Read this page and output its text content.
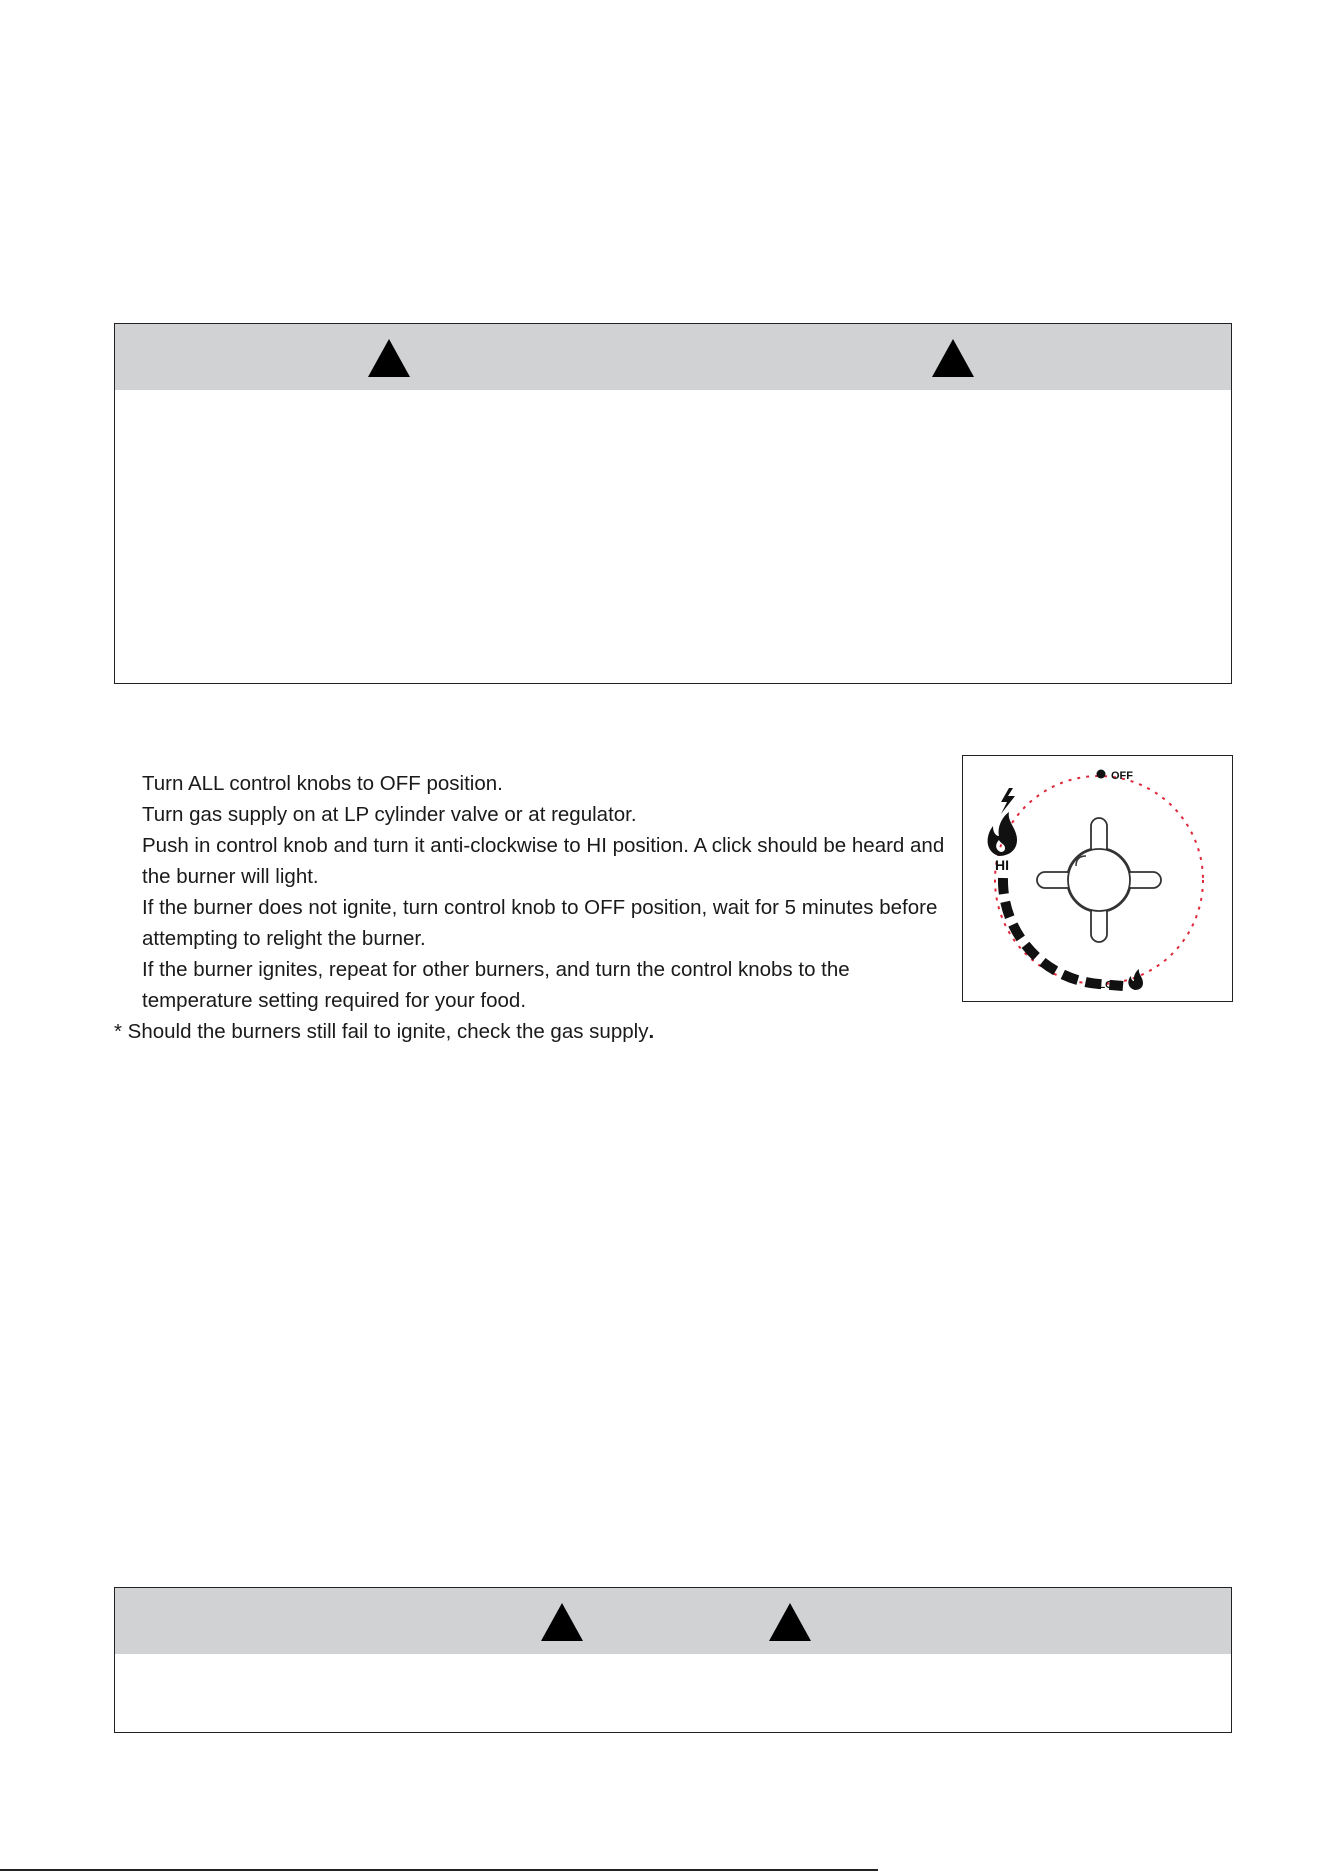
Turn ALL control knobs to OFF position.
Turn gas supply on at LP cylinder valve or at regulator.
Push in control knob and turn it anti-clockwise to HI position. A click should be heard and the burner will light.
If the burner does not ignite, turn control knob to OFF position, wait for 5 minutes before attempting to relight the burner.
If the burner ignites, repeat for other burners, and turn the control knobs to the temperature setting required for your food.
* Should the burners still fail to ignite, check the gas supply.
OFF
HI
LOW
